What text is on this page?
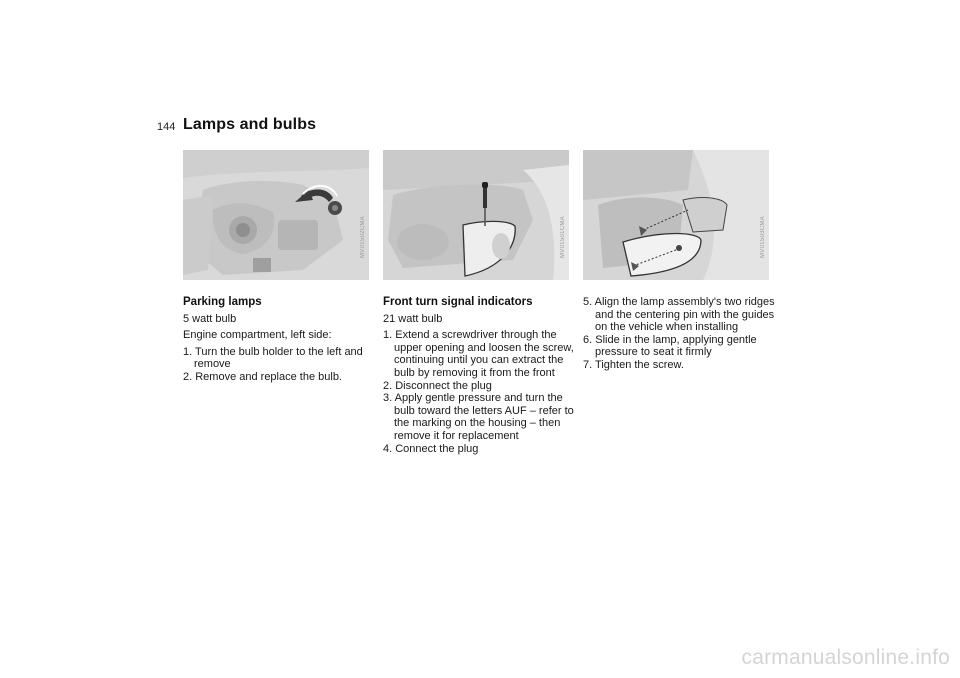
144 Lamps and bulbs
MV01502CMA	MV01501CMA	MV01503CMA
Parking lamps

5 watt bulb

Engine compartment, left side:

1. Turn the bulb holder to the left and remove
2. Remove and replace the bulb.
Front turn signal indicators

21 watt bulb

1. Extend a screwdriver through the upper opening and loosen the screw, continuing until you can extract the bulb by removing it from the front
2. Disconnect the plug
3. Apply gentle pressure and turn the bulb toward the letters AUF – refer to the marking on the housing – then remove it for replacement
4. Connect the plug
5. Align the lamp assembly's two ridges and the centering pin with the guides on the vehicle when installing
6. Slide in the lamp, applying gentle pressure to seat it firmly
7. Tighten the screw.
carmanualsonline.info
